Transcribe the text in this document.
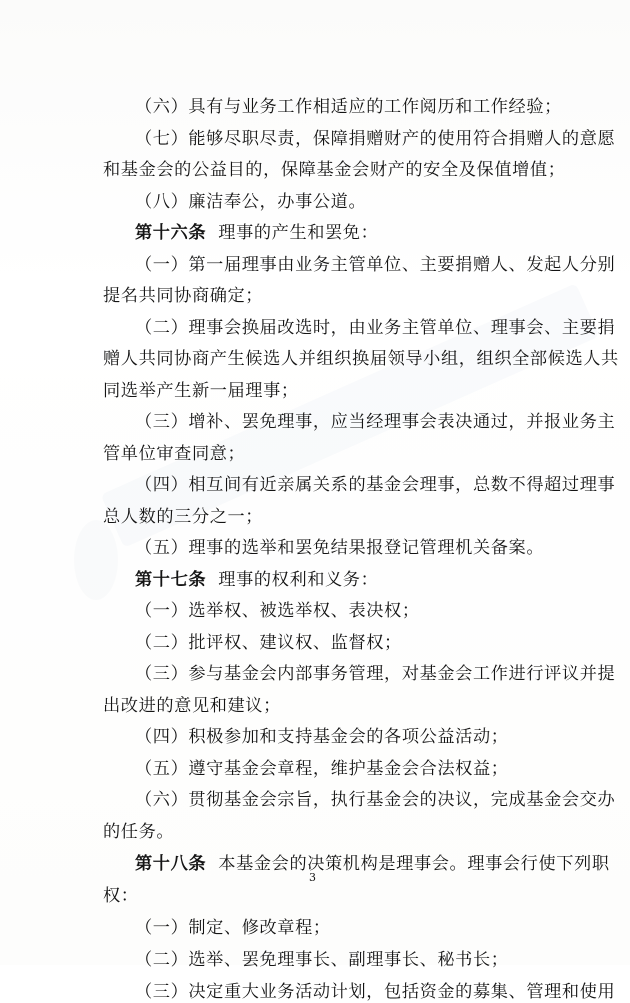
（六）具有与业务工作相适应的工作阅历和工作经验；
（七）能够尽职尽责，保障捐赠财产的使用符合捐赠人的意愿
和基金会的公益目的，保障基金会财产的安全及保值增值；
（八）廉洁奉公，办事公道。
第十六条 理事的产生和罢免：
（一）第一届理事由业务主管单位、主要捐赠人、发起人分别
提名共同协商确定；
（二）理事会换届改选时，由业务主管单位、理事会、主要捐
赠人共同协商产生候选人并组织换届领导小组，组织全部候选人共
同选举产生新一届理事；
（三）增补、罢免理事，应当经理事会表决通过，并报业务主
管单位审查同意；
（四）相互间有近亲属关系的基金会理事，总数不得超过理事
总人数的三分之一；
（五）理事的选举和罢免结果报登记管理机关备案。
第十七条 理事的权利和义务：
（一）选举权、被选举权、表决权；
（二）批评权、建议权、监督权；
（三）参与基金会内部事务管理，对基金会工作进行评议并提
出改进的意见和建议；
（四）积极参加和支持基金会的各项公益活动；
（五）遵守基金会章程，维护基金会合法权益；
（六）贯彻基金会宗旨，执行基金会的决议，完成基金会交办
的任务。
第十八条 本基金会的决策机构是理事会。理事会行使下列职
权：
（一）制定、修改章程；
（二）选举、罢免理事长、副理事长、秘书长；
（三）决定重大业务活动计划，包括资金的募集、管理和使用
3
